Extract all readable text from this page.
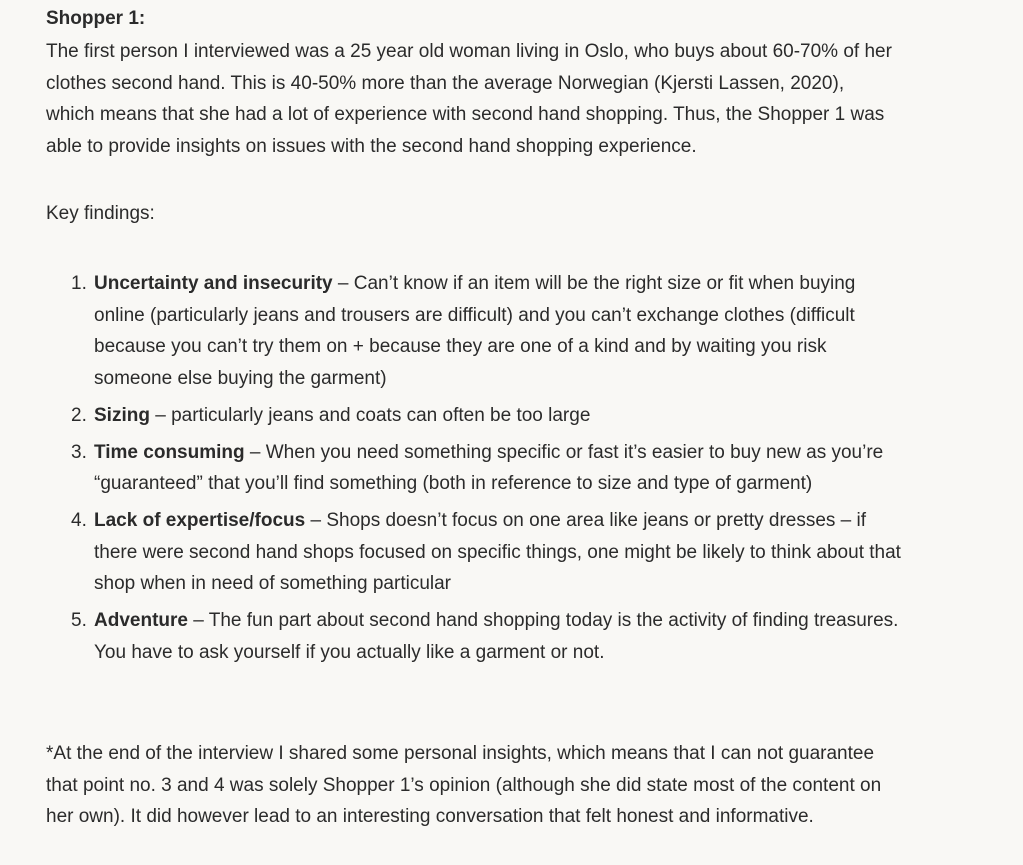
Shopper 1:
The first person I interviewed was a 25 year old woman living in Oslo, who buys about 60-70% of her clothes second hand. This is 40-50% more than the average Norwegian (Kjersti Lassen, 2020), which means that she had a lot of experience with second hand shopping. Thus, the Shopper 1 was able to provide insights on issues with the second hand shopping experience.
Key findings:
1. Uncertainty and insecurity – Can’t know if an item will be the right size or fit when buying online (particularly jeans and trousers are difficult) and you can’t exchange clothes (difficult because you can’t try them on + because they are one of a kind and by waiting you risk someone else buying the garment)
2. Sizing – particularly jeans and coats can often be too large
3. Time consuming – When you need something specific or fast it’s easier to buy new as you’re “guaranteed” that you’ll find something (both in reference to size and type of garment)
4. Lack of expertise/focus – Shops doesn’t focus on one area like jeans or pretty dresses – if there were second hand shops focused on specific things, one might be likely to think about that shop when in need of something particular
5. Adventure – The fun part about second hand shopping today is the activity of finding treasures. You have to ask yourself if you actually like a garment or not.
*At the end of the interview I shared some personal insights, which means that I can not guarantee that point no. 3 and 4 was solely Shopper 1’s opinion (although she did state most of the content on her own). It did however lead to an interesting conversation that felt honest and informative.
